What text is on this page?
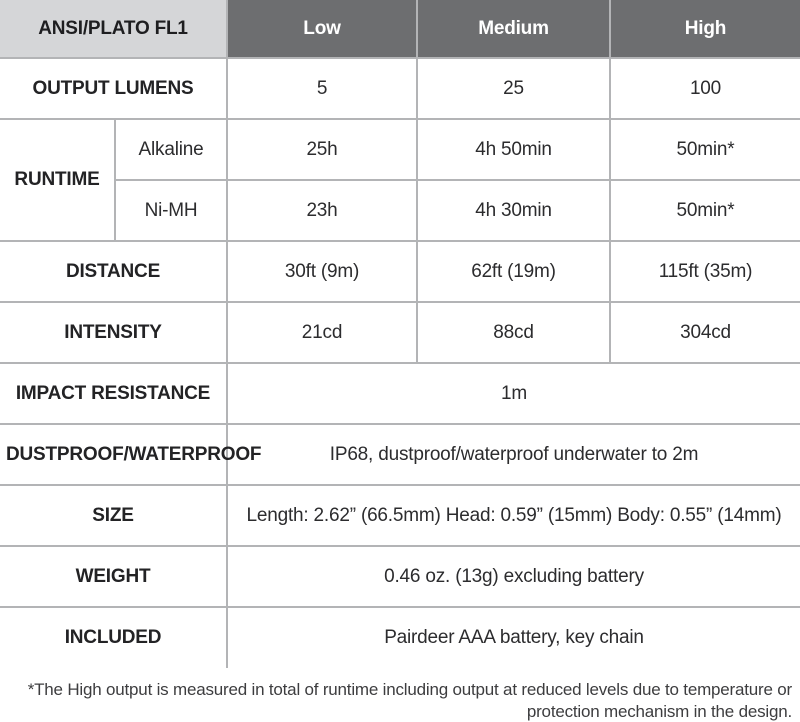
ANSI/PLATO FL1		Low	Medium	High
OUTPUT LUMENS		5	25	100
RUNTIME	Alkaline	25h	4h 50min	50min*
	Ni-MH	23h	4h 30min	50min*
DISTANCE		30ft (9m)	62ft (19m)	115ft (35m)
INTENSITY		21cd	88cd	304cd
IMPACT RESISTANCE		1m		
DUSTPROOF/WATERPROOF		IP68, dustproof/waterproof underwater to 2m		
SIZE		Length: 2.62” (66.5mm) Head: 0.59” (15mm) Body: 0.55” (14mm)		
WEIGHT		0.46 oz. (13g) excluding battery		
INCLUDED		Pairdeer AAA battery, key chain		
*The High output is measured in total of runtime including output at reduced levels due to temperature or protection mechanism in the design.
